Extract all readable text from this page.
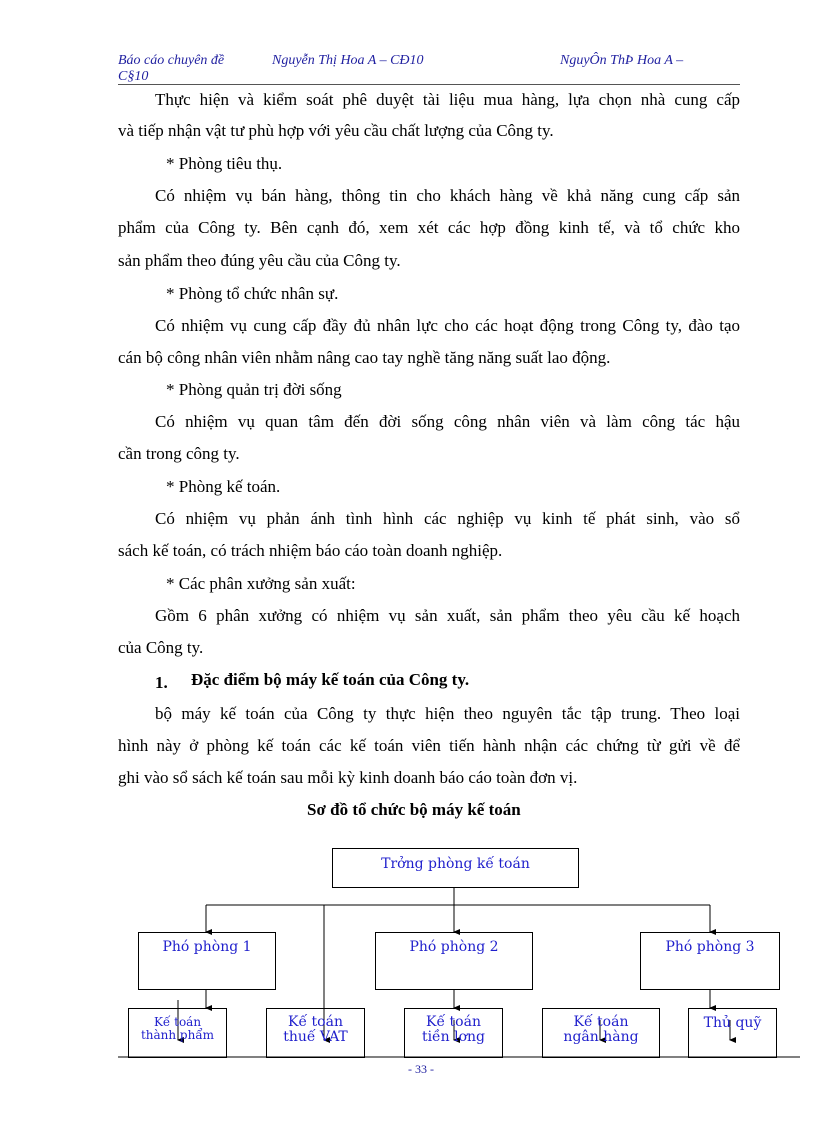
Báo cáo chuyên đề	Nguyễn Thị Hoa A – CĐ10	NguyÔn ThÞ Hoa A –
C§10
Thực hiện và kiểm soát phê duyệt tài liệu mua hàng, lựa chọn nhà cung cấp
và tiếp nhận vật tư phù hợp với yêu cầu chất lượng của Công ty.
* Phòng tiêu thụ.
Có nhiệm vụ bán hàng, thông tin cho khách hàng về khả năng cung cấp sản
phẩm của Công ty. Bên cạnh đó, xem xét các hợp đồng kinh tế, và tổ chức kho
sản phẩm theo đúng yêu cầu của Công ty.
* Phòng tổ chức nhân sự.
Có nhiệm vụ cung cấp đầy đủ nhân lực cho các hoạt động trong Công ty, đào tạo
cán bộ công nhân viên nhằm nâng cao tay nghề tăng năng suất lao động.
* Phòng quản trị đời sống
Có nhiệm vụ quan tâm đến đời sống công nhân viên và làm công tác hậu
cần trong công ty.
* Phòng kế toán.
Có nhiệm vụ phản ánh tình hình các nghiệp vụ kinh tế phát sinh, vào sổ
sách kế toán, có trách nhiệm báo cáo toàn doanh nghiệp.
* Các phân xưởng sản xuất:
Gồm 6 phân xưởng có nhiệm vụ sản xuất, sản phẩm theo yêu cầu kế hoạch
của Công ty.
1.	Đặc điểm bộ máy kế toán của Công ty.
bộ máy kế toán của Công ty thực hiện theo nguyên tắc tập trung. Theo loại
hình này ở phòng kế toán các kế toán viên tiến hành nhận các chứng từ gửi về để
ghi vào sổ sách kế toán sau mỗi kỳ kinh doanh báo cáo toàn đơn vị.
Sơ đồ tổ chức bộ máy kế toán
Trởng phòng kế toán
Phó phòng 1	Phó phòng 2	Phó phòng 3
Kế toán
thành phẩm
Kế toán
thuế VAT
Kế toán
tiền lơng
Kế toán
ngân hàng
Thủ quỹ
- 33 -
